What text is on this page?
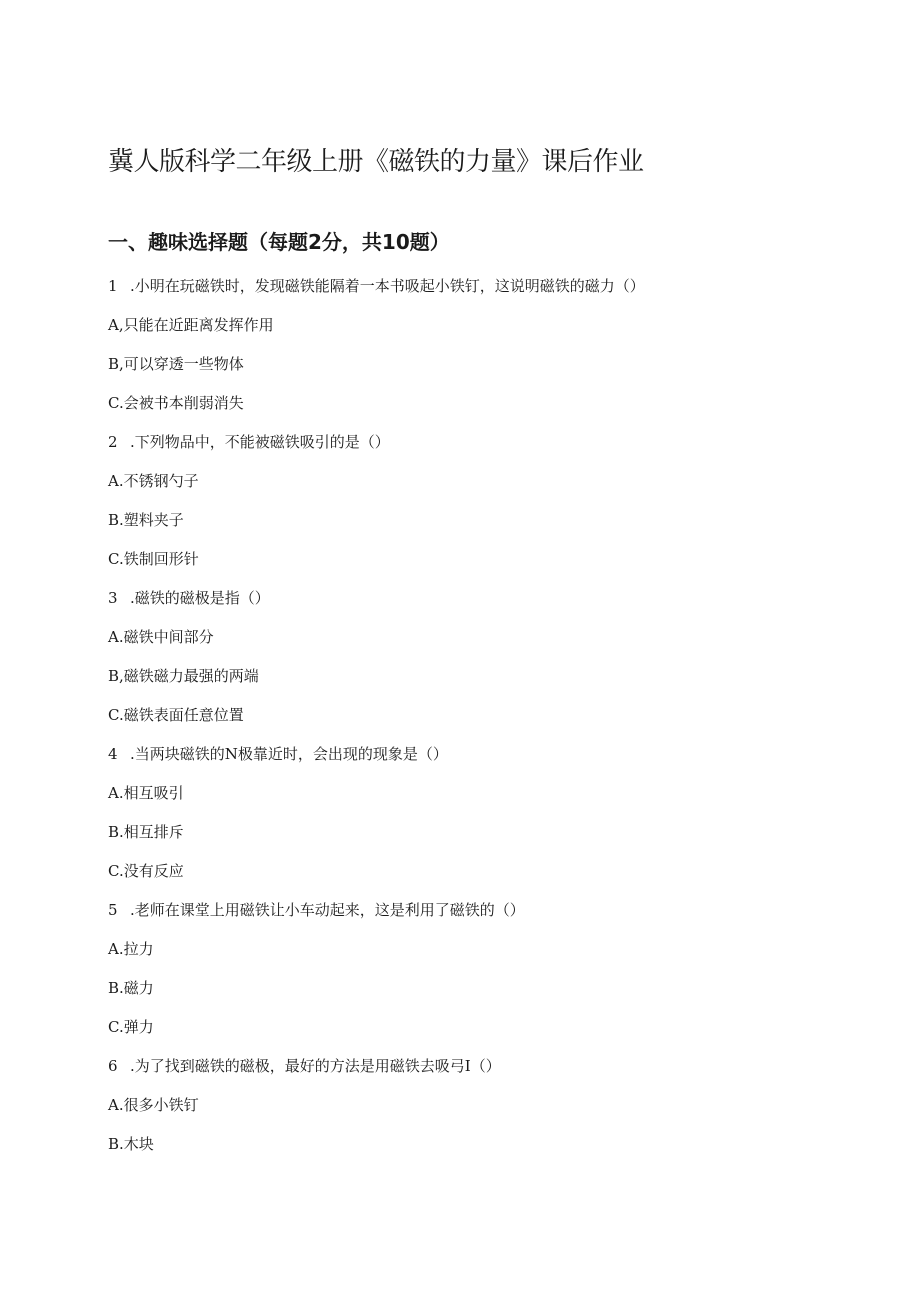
冀人版科学二年级上册《磁铁的力量》课后作业
一、趣味选择题（每题2分，共10题）
1 .小明在玩磁铁时，发现磁铁能隔着一本书吸起小铁钉，这说明磁铁的磁力（）
A,只能在近距离发挥作用
B,可以穿透一些物体
C.会被书本削弱消失
2 .下列物品中，不能被磁铁吸引的是（）
A.不锈钢勺子
B.塑料夹子
C.铁制回形针
3 .磁铁的磁极是指（）
A.磁铁中间部分
B,磁铁磁力最强的两端
C.磁铁表面任意位置
4 .当两块磁铁的N极靠近时，会出现的现象是（）
A.相互吸引
B.相互排斥
C.没有反应
5 .老师在课堂上用磁铁让小车动起来，这是利用了磁铁的（）
A.拉力
B.磁力
C.弹力
6 .为了找到磁铁的磁极，最好的方法是用磁铁去吸弓I（）
A.很多小铁钉
B.木块
